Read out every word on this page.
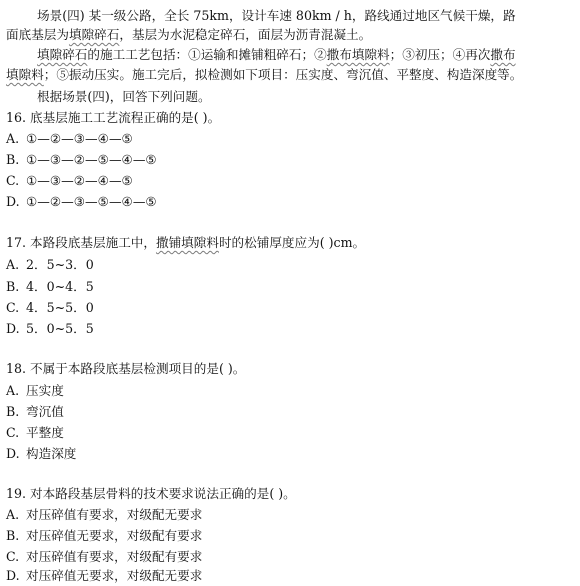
场景(四) 某一级公路，全长 75km，设计车速 80km / h，路线通过地区气候干燥，路
面底基层为填隙碎石，基层为水泥稳定碎石，面层为沥青混凝土。
填隙碎石的施工工艺包括：①运输和摊铺粗碎石；②撒布填隙料；③初压；④再次撒布
填隙料；⑤振动压实。施工完后，拟检测如下项目：压实度、弯沉值、平整度、构造深度等。
根据场景(四)，回答下列问题。
16. 底基层施工工艺流程正确的是( )。
A. ①—②—③—④—⑤
B. ①—③—②—⑤—④—⑤
C. ①—③—②—④—⑤
D. ①—②—③—⑤—④—⑤
17. 本路段底基层施工中，撒铺填隙料时的松铺厚度应为( )cm。
A. 2．5~3．0
B. 4．0~4．5
C. 4．5~5．0
D. 5．0~5．5
18. 不属于本路段底基层检测项目的是( )。
A. 压实度
B. 弯沉值
C. 平整度
D. 构造深度
19. 对本路段基层骨料的技术要求说法正确的是( )。
A. 对压碎值有要求，对级配无要求
B. 对压碎值无要求，对级配有要求
C. 对压碎值有要求，对级配有要求
D. 对压碎值无要求，对级配无要求
